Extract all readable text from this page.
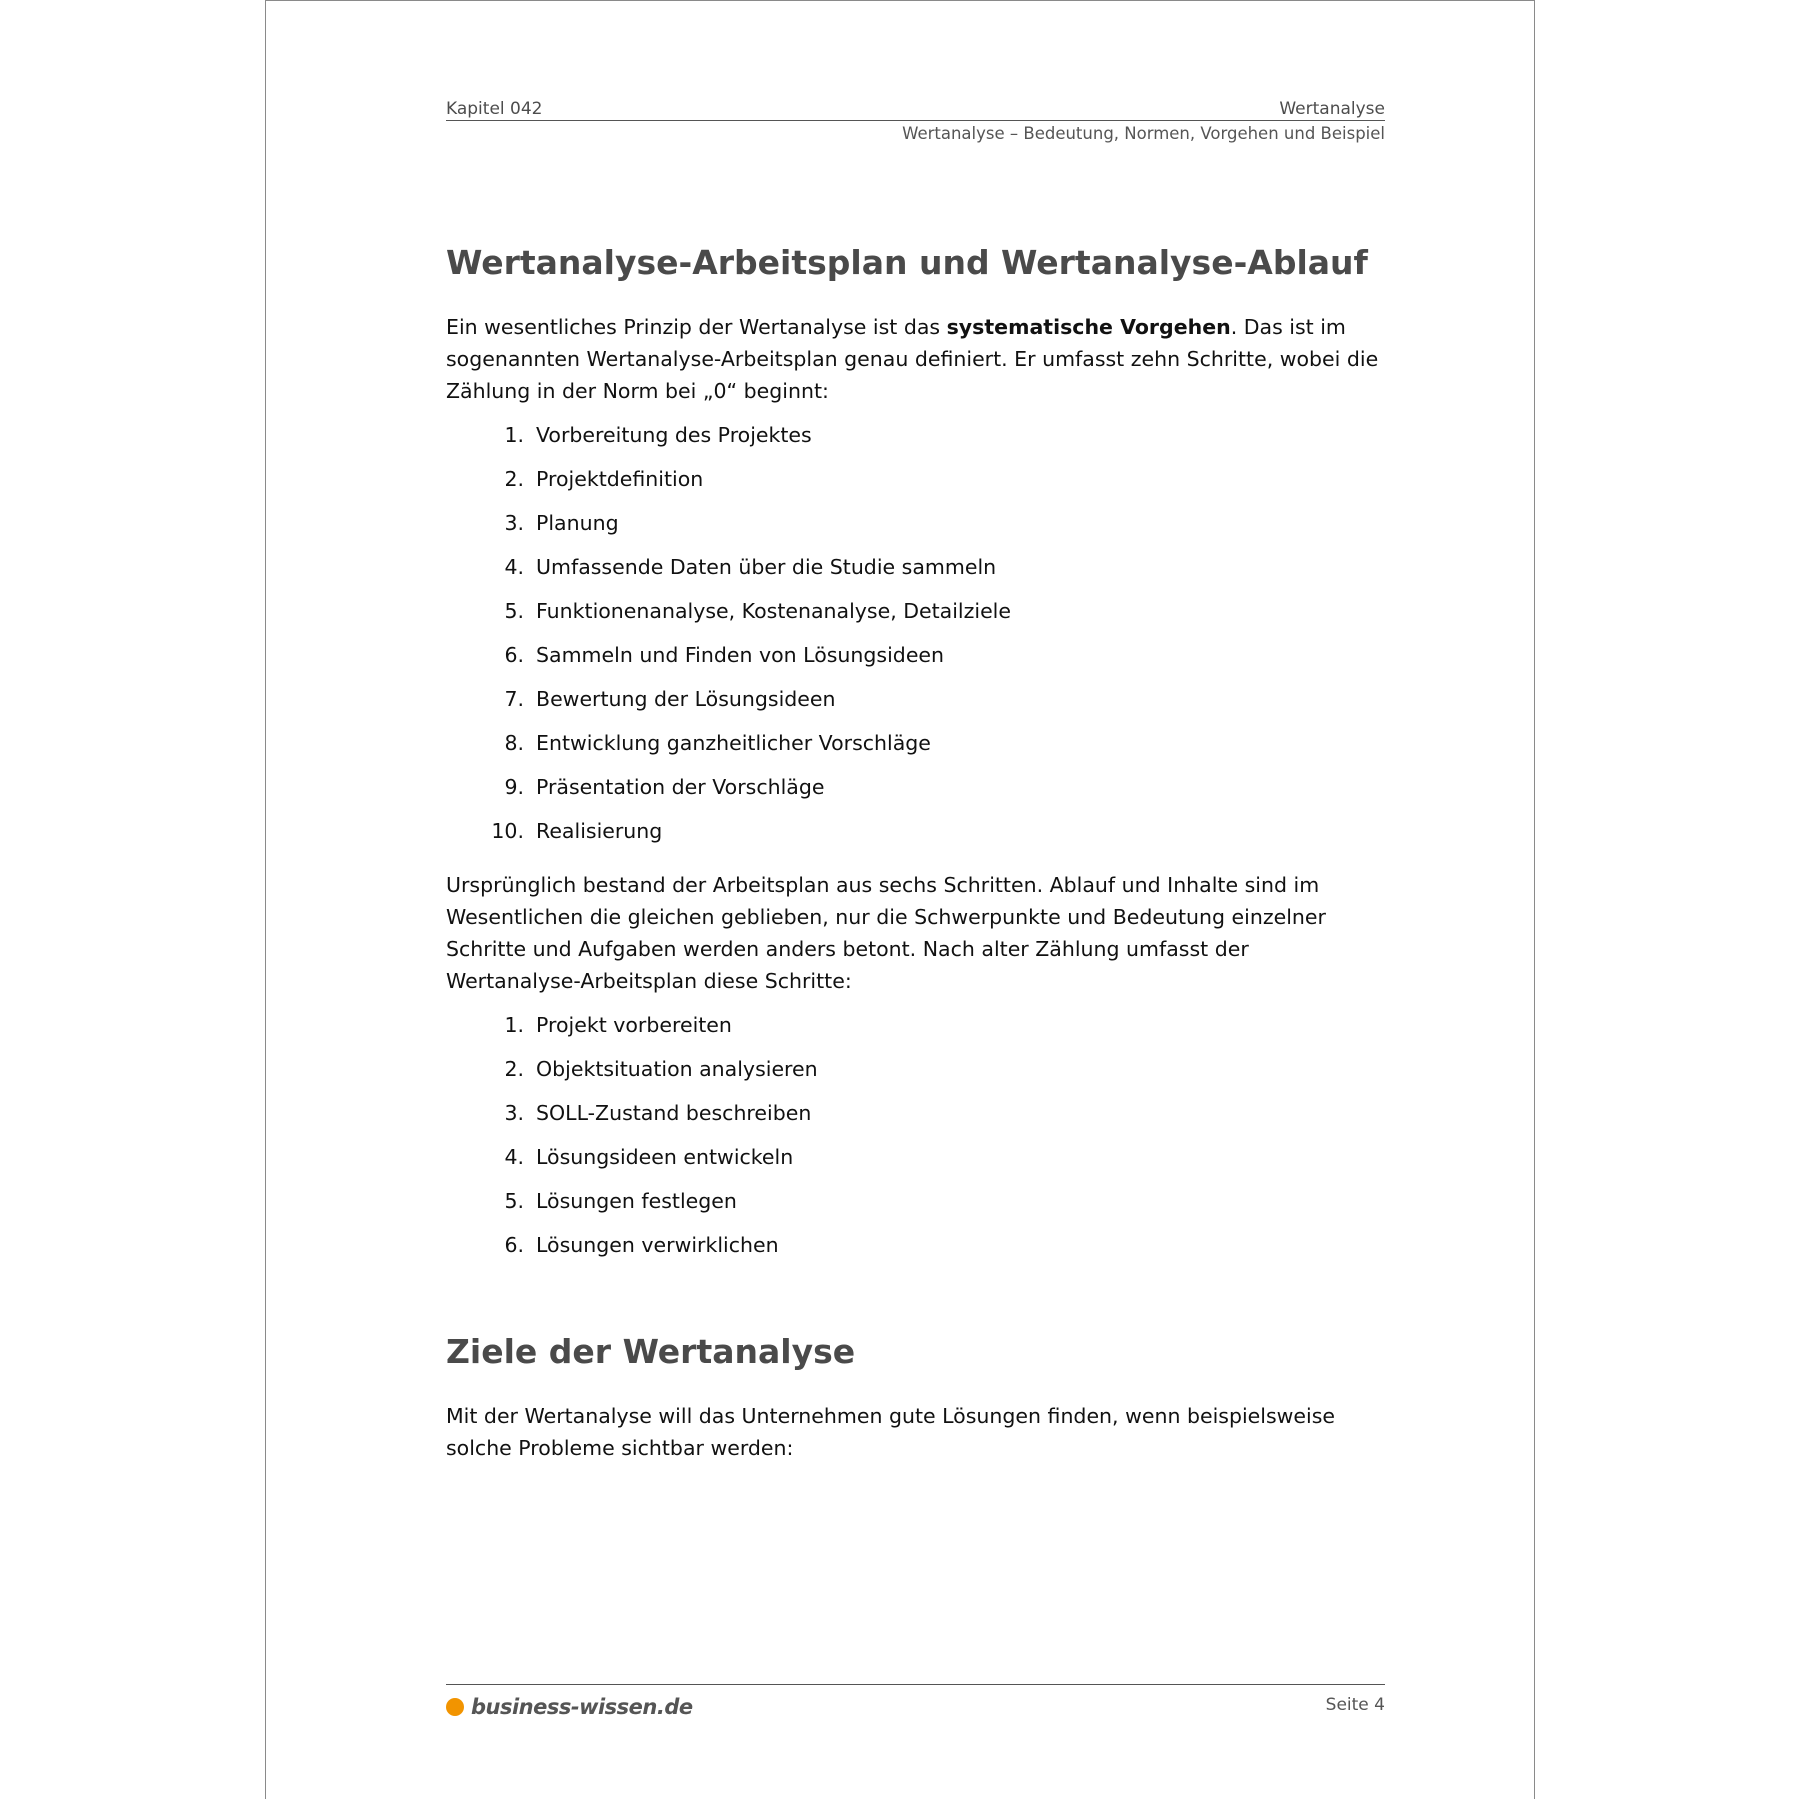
Kapitel 042	Wertanalyse
Wertanalyse – Bedeutung, Normen, Vorgehen und Beispiel
Wertanalyse-Arbeitsplan und Wertanalyse-Ablauf

Ein wesentliches Prinzip der Wertanalyse ist das systematische Vorgehen. Das ist im sogenannten Wertanalyse-Arbeitsplan genau definiert. Er umfasst zehn Schritte, wobei die Zählung in der Norm bei „0“ beginnt:

1. Vorbereitung des Projektes
2. Projektdefinition
3. Planung
4. Umfassende Daten über die Studie sammeln
5. Funktionenanalyse, Kostenanalyse, Detailziele
6. Sammeln und Finden von Lösungsideen
7. Bewertung der Lösungsideen
8. Entwicklung ganzheitlicher Vorschläge
9. Präsentation der Vorschläge
10. Realisierung

Ursprünglich bestand der Arbeitsplan aus sechs Schritten. Ablauf und Inhalte sind im Wesentlichen die gleichen geblieben, nur die Schwerpunkte und Bedeutung einzelner Schritte und Aufgaben werden anders betont. Nach alter Zählung umfasst der Wertanalyse-Arbeitsplan diese Schritte:

1. Projekt vorbereiten
2. Objektsituation analysieren
3. SOLL-Zustand beschreiben
4. Lösungsideen entwickeln
5. Lösungen festlegen
6. Lösungen verwirklichen
Ziele der Wertanalyse

Mit der Wertanalyse will das Unternehmen gute Lösungen finden, wenn beispielsweise solche Probleme sichtbar werden:

business-wissen.de	Seite 4
